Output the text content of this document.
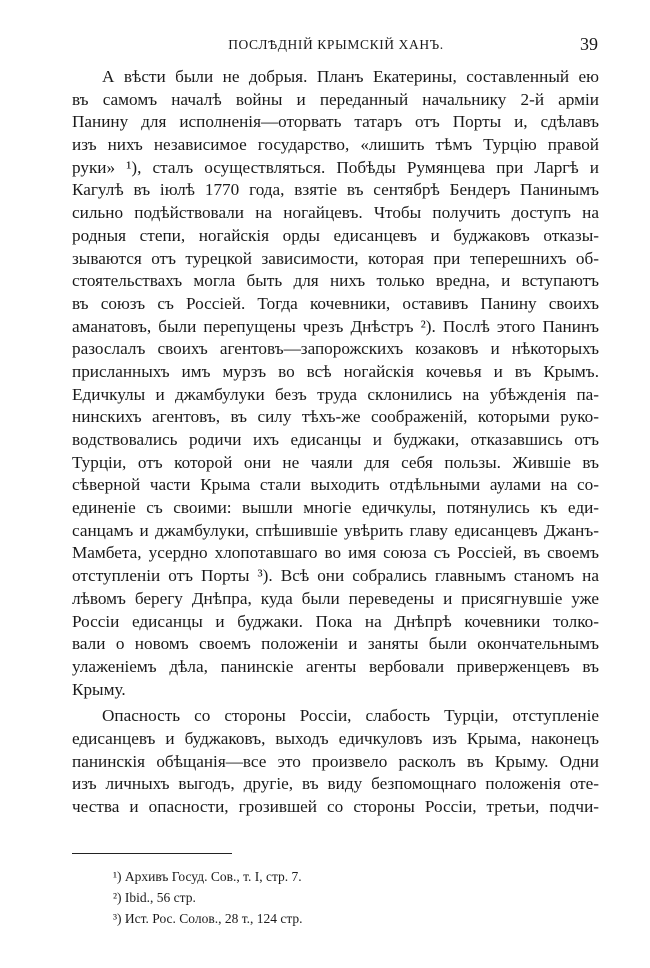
ПОСЛѢДНІЙ КРЫМСКІЙ ХАНЪ.	39
А вѣсти были не добрыя. Планъ Екатерины, составленный ею
въ самомъ началѣ войны и переданный начальнику 2-й арміи
Панину для исполненія—оторвать татаръ отъ Порты и, сдѣлавъ
изъ нихъ независимое государство, «лишить тѣмъ Турцію правой
руки» ¹), сталъ осуществляться. Побѣды Румянцева при Ларгѣ и
Кагулѣ въ іюлѣ 1770 года, взятіе въ сентябрѣ Бендеръ Панинымъ
сильно подѣйствовали на ногайцевъ. Чтобы получить доступъ на
родныя степи, ногайскія орды едисанцевъ и буджаковъ отказы-
зываются отъ турецкой зависимости, которая при теперешнихъ об-
стоятельствахъ могла быть для нихъ только вредна, и вступаютъ
въ союзъ съ Россіей. Тогда кочевники, оставивъ Панину своихъ
аманатовъ, были перепущены чрезъ Днѣстръ ²). Послѣ этого Панинъ
разослалъ своихъ агентовъ—запорожскихъ козаковъ и нѣкоторыхъ
присланныхъ имъ мурзъ во всѣ ногайскія кочевья и въ Крымъ.
Едичкулы и джамбулуки безъ труда склонились на убѣжденія па-
нинскихъ агентовъ, въ силу тѣхъ-же соображеній, которыми руко-
водствовались родичи ихъ едисанцы и буджаки, отказавшись отъ
Турціи, отъ которой они не чаяли для себя пользы. Жившіе въ
сѣверной части Крыма стали выходить отдѣльными аулами на со-
единеніе съ своими: вышли многіе едичкулы, потянулись къ еди-
санцамъ и джамбулуки, спѣшившіе увѣрить главу едисанцевъ Джанъ-
Мамбета, усердно хлопотавшаго во имя союза съ Россіей, въ своемъ
отступленіи отъ Порты ³). Всѣ они собрались главнымъ станомъ на
лѣвомъ берегу Днѣпра, куда были переведены и присягнувшіе уже
Россіи едисанцы и буджаки. Пока на Днѣпрѣ кочевники толко-
вали о новомъ своемъ положеніи и заняты были окончательнымъ
улаженіемъ дѣла, панинскіе агенты вербовали приверженцевъ въ
Крыму.
Опасность со стороны Россіи, слабость Турціи, отступленіе
едисанцевъ и буджаковъ, выходъ едичкуловъ изъ Крыма, наконецъ
панинскія обѣщанія—все это произвело расколъ въ Крыму. Одни
изъ личныхъ выгодъ, другіе, въ виду безпомощнаго положенія оте-
чества и опасности, грозившей со стороны Россіи, третьи, подчи-
¹) Архивъ Госуд. Сов., т. I, стр. 7.
²) Ibid., 56 стр.
³) Ист. Рос. Солов., 28 т., 124 стр.
